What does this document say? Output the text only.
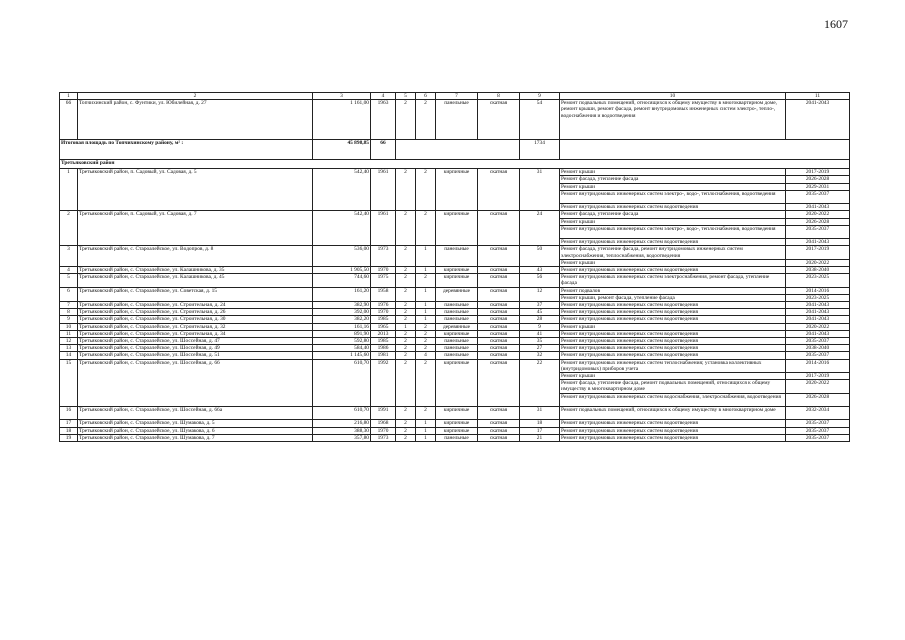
1607
1	2	3	4	5	6	7	8	9	10	11
66	Топчихинский район, с. Фунтики, ул. Юбилейная, д. 27	1 161,00	1963	2	2	панельные	скатная	54	Ремонт подвальных помещений, относящихся к общему имуществу в многоквартирном доме, ремонт крыши, ремонт фасада, ремонт внутридомовых инженерных систем электро-, тепло-, водоснабжения и водоотведения	2041-2043
Итоговая площадь по Топчихинскому району, м² :		45 898,85	66					1734		
Третьяковский район										
1	Третьяковский район, п. Садовый, ул. Садовая, д. 5	542,40	1961	2	2	кирпичные	скатная	31	Ремонт крыши	2017-2019
									Ремонт фасада, утепление фасада	2026-2028
									Ремонт крыши	2029-2031
									Ремонт внутридомовых инженерных систем электро-, водо-, теплоснабжения, водоотведения	2035-2037
									Ремонт внутридомовых инженерных систем водоотведения	2041-2043
2	Третьяковский район, п. Садовый, ул. Садовая, д. 7	542,40	1961	2	2	кирпичные	скатная	24	Ремонт фасада, утепление фасада	2020-2022
									Ремонт крыши	2026-2028
									Ремонт внутридомовых инженерных систем электро-, водо-, теплоснабжения, водоотведения	2035-2037
									Ремонт внутридомовых инженерных систем водоотведения	2041-2043
3	Третьяковский район, с. Староалейское, ул. Водопров, д. 8	536,00	1973	2	1	панельные	скатная	50	Ремонт фасада, утепление фасада, ремонт внутридомовых инженерных систем электроснабжения, теплоснабжения, водоотведения	2017-2019
									Ремонт крыши	2020-2022
4	Третьяковский район, с. Староалейское, ул. Калашникова, д. 35	1 905,50	1970	2	1	кирпичные	скатная	43	Ремонт внутридомовых инженерных систем водоотведения	2038-2040
5	Третьяковский район, с. Староалейское, ул. Калашникова, д. 45	744,60	1975	2	2	кирпичные	скатная	56	Ремонт внутридомовых инженерных систем электроснабжения, ремонт фасада, утепление фасада	2023-2025
6	Третьяковский район, с. Староалейское, ул. Советская, д. 15	161,20	1958	2	1	деревянные	скатная	12	Ремонт подвалов	2014-2016
									Ремонт крыши, ремонт фасада, утепление фасада	2023-2025
7	Третьяковский район, с. Староалейское, ул. Строительная, д. 24	382,90	1976	2	1	панельные	скатная	37	Ремонт внутридомовых инженерных систем водоотведения	2041-2043
8	Третьяковский район, с. Староалейское, ул. Строительная, д. 26	392,00	1970	2	1	панельные	скатная	45	Ремонт внутридомовых инженерных систем водоотведения	2041-2043
9	Третьяковский район, с. Староалейское, ул. Строительная, д. 30	382,20	1985	2	1	панельные	скатная	28	Ремонт внутридомовых инженерных систем водоотведения	2041-2043
10	Третьяковский район, с. Староалейское, ул. Строительная, д. 32	161,16	1965	1	2	деревянные	скатная	9	Ремонт крыши	2020-2022
11	Третьяковский район, с. Староалейское, ул. Строительная, д. 34	891,90	2013	2	2	кирпичные	скатная	41	Ремонт внутридомовых инженерных систем водоотведения	2041-2043
12	Третьяковский район, с. Староалейское, ул. Шоссейная, д. 47	592,80	1985	2	2	панельные	скатная	35	Ремонт внутридомовых инженерных систем водоотведения	2035-2037
13	Третьяковский район, с. Староалейское, ул. Шоссейная, д. 49	584,40	1986	2	2	панельные	скатная	27	Ремонт внутридомовых инженерных систем водоотведения	2038-2040
14	Третьяковский район, с. Староалейское, ул. Шоссейная, д. 51	1 145,60	1981	2	4	панельные	скатная	32	Ремонт внутридомовых инженерных систем водоотведения	2035-2037
15	Третьяковский район, с. Староалейское, ул. Шоссейная, д. 66	610,70	1992	2	2	кирпичные	скатная	22	Ремонт внутридомовых инженерных систем теплоснабжения; установка коллективных (внутридомовых) приборов учета	2014-2016
									Ремонт крыши	2017-2019
									Ремонт фасада, утепление фасада, ремонт подвальных помещений, относящихся к общему имуществу в многоквартирном доме	2020-2022
									Ремонт внутридомовых инженерных систем водоснабжения, электроснабжения, водоотведения	2026-2028
16	Третьяковский район, с. Староалейское, ул. Шоссейная, д. 66а	610,70	1991	2	2	кирпичные	скатная	31	Ремонт подвальных помещений, относящихся к общему имуществу в многоквартирном доме	2032-2034
17	Третьяковский район, с. Староалейское, ул. Шумакова, д. 5	216,80	1968	2	1	кирпичные	скатная	18	Ремонт внутридомовых инженерных систем водоотведения	2035-2037
18	Третьяковский район, с. Староалейское, ул. Шумакова, д. 6	388,30	1970	2	1	кирпичные	скатная	17	Ремонт внутридомовых инженерных систем водоотведения	2035-2037
19	Третьяковский район, с. Староалейское, ул. Шумакова, д. 7	357,80	1973	2	1	панельные	скатная	21	Ремонт внутридомовых инженерных систем водоотведения	2035-2037
